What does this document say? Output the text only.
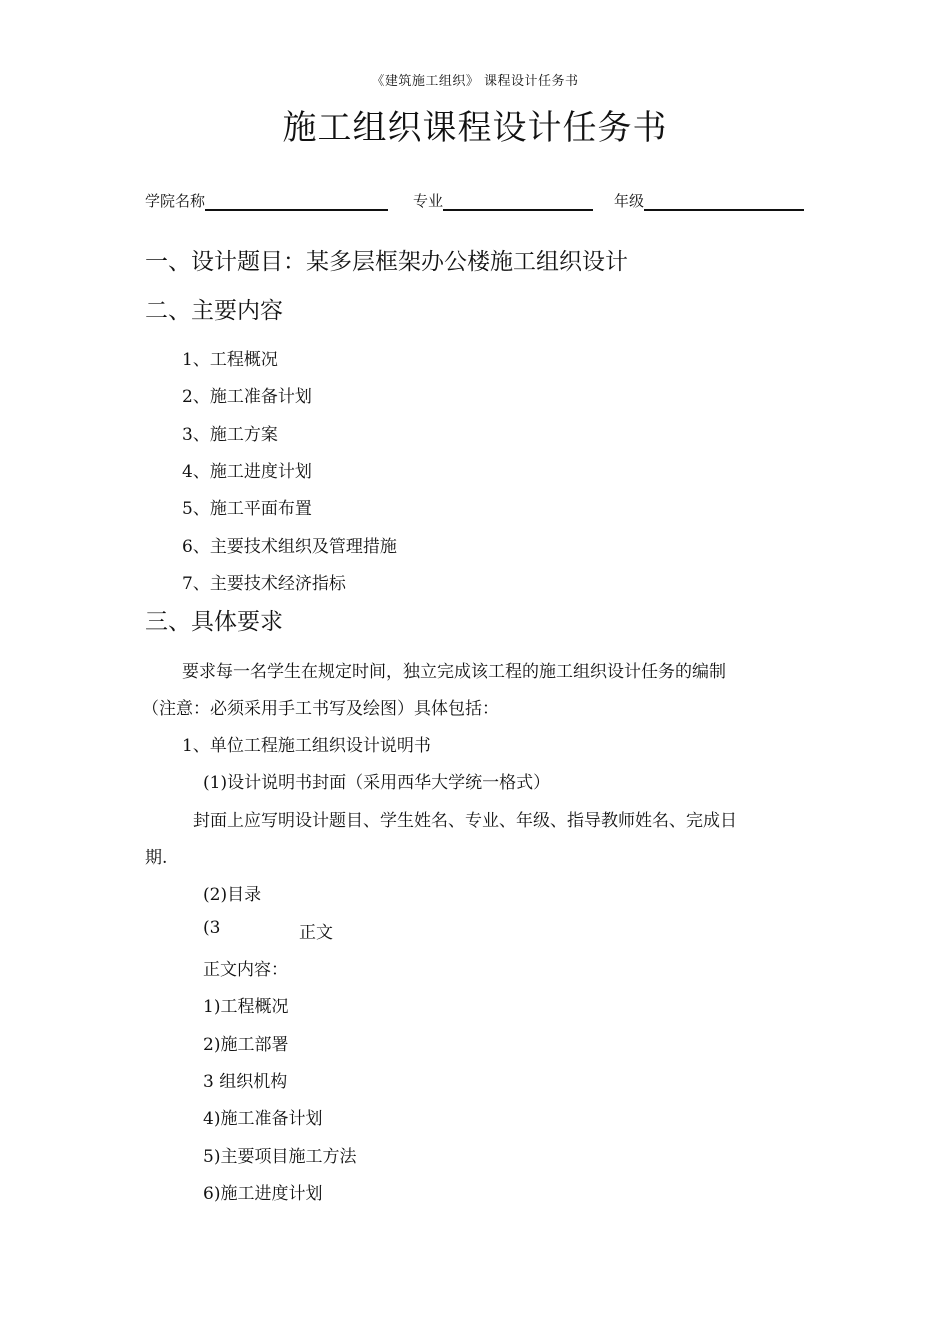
《建筑施工组织》 课程设计任务书
施工组织课程设计任务书
学院名称	专业	年级
一、设计题目：某多层框架办公楼施工组织设计
二、主要内容
1、工程概况
2、施工准备计划
3、施工方案
4、施工进度计划
5、施工平面布置
6、主要技术组织及管理措施
7、主要技术经济指标
三、具体要求
要求每一名学生在规定时间，独立完成该工程的施工组织设计任务的编制
（注意：必须采用手工书写及绘图）具体包括：
1、单位工程施工组织设计说明书
(1)设计说明书封面（采用西华大学统一格式）
封面上应写明设计题目、学生姓名、专业、年级、指导教师姓名、完成日
期.
(2)目录
(3	正文
正文内容：
1)工程概况
2)施工部署
3 组织机构
4)施工准备计划
5)主要项目施工方法
6)施工进度计划
